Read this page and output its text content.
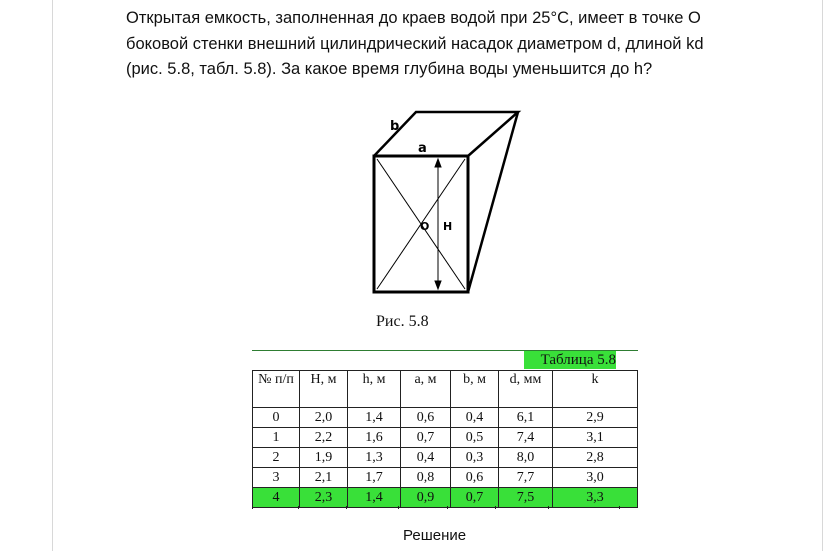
Открытая емкость, заполненная до краев водой при 25°С, имеет в точке О
боковой стенки внешний цилиндрический насадок диаметром d, длиной kd
(рис. 5.8, табл. 5.8). За какое время глубина воды уменьшится до h?

b
a
O H

Рис. 5.8

Таблица 5.8
№ п/п	H, м	h, м	a, м	b, м	d, мм	k
0	2,0	1,4	0,6	0,4	6,1	2,9
1	2,2	1,6	0,7	0,5	7,4	3,1
2	1,9	1,3	0,4	0,3	8,0	2,8
3	2,1	1,7	0,8	0,6	7,7	3,0
4	2,3	1,4	0,9	0,7	7,5	3,3

Решение
